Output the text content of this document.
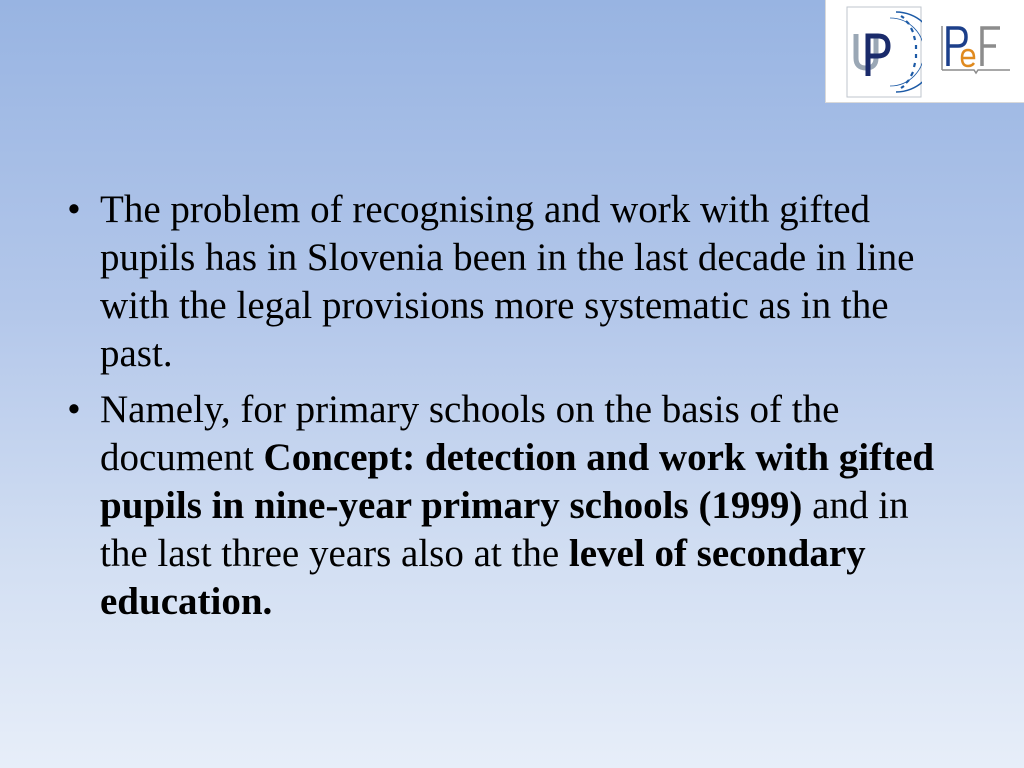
• The problem of recognising and work with gifted pupils has in Slovenia been in the last decade in line with the legal provisions more systematic as in the past.
• Namely, for primary schools on the basis of the document Concept: detection and work with gifted pupils in nine-year primary schools (1999) and in the last three years also at the level of secondary education.
